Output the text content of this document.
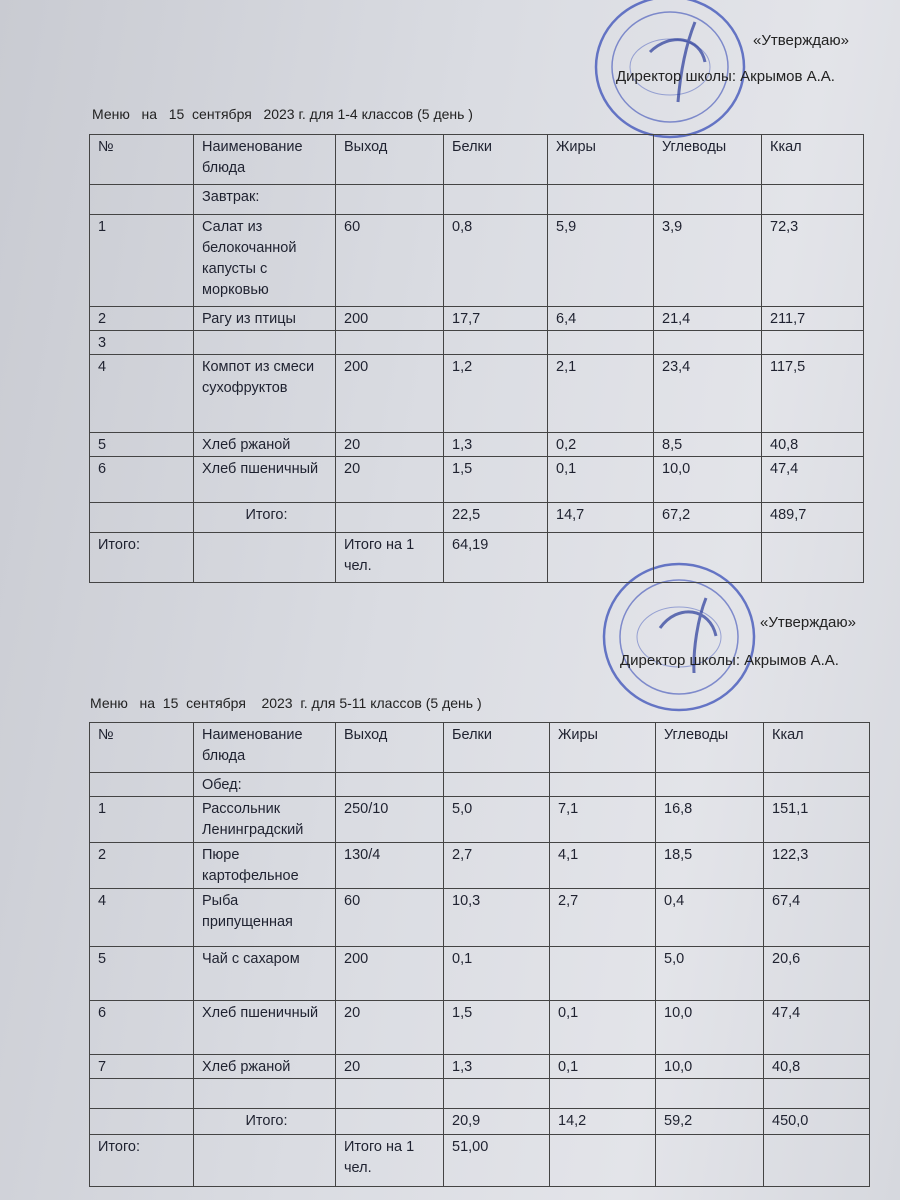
«Утверждаю»
Директор школы: Акрымов А.А.
Меню   на   15  сентября   2023 г. для 1-4 классов (5 день )
№	Наименование блюда	Выход	Белки	Жиры	Углеводы	Ккал
	Завтрак:					
1	Салат из белокочанной капусты с морковью	60	0,8	5,9	3,9	72,3
2	Рагу из птицы	200	17,7	6,4	21,4	211,7
3						
4	Компот из смеси сухофруктов	200	1,2	2,1	23,4	117,5
5	Хлеб ржаной	20	1,3	0,2	8,5	40,8
6	Хлеб пшеничный	20	1,5	0,1	10,0	47,4
	Итого:		22,5	14,7	67,2	489,7
Итого:		Итого на 1 чел.	64,19			
«Утверждаю»
Директор школы: Акрымов А.А.
Меню   на  15  сентября    2023  г. для 5-11 классов (5 день )
№	Наименование блюда	Выход	Белки	Жиры	Углеводы	Ккал
	Обед:					
1	Рассольник Ленинградский	250/10	5,0	7,1	16,8	151,1
2	Пюре картофельное	130/4	2,7	4,1	18,5	122,3
4	Рыба припущенная	60	10,3	2,7	0,4	67,4
5	Чай с сахаром	200	0,1		5,0	20,6
6	Хлеб пшеничный	20	1,5	0,1	10,0	47,4
7	Хлеб ржаной	20	1,3	0,1	10,0	40,8

	Итого:		20,9	14,2	59,2	450,0
Итого:		Итого на 1 чел.	51,00			
